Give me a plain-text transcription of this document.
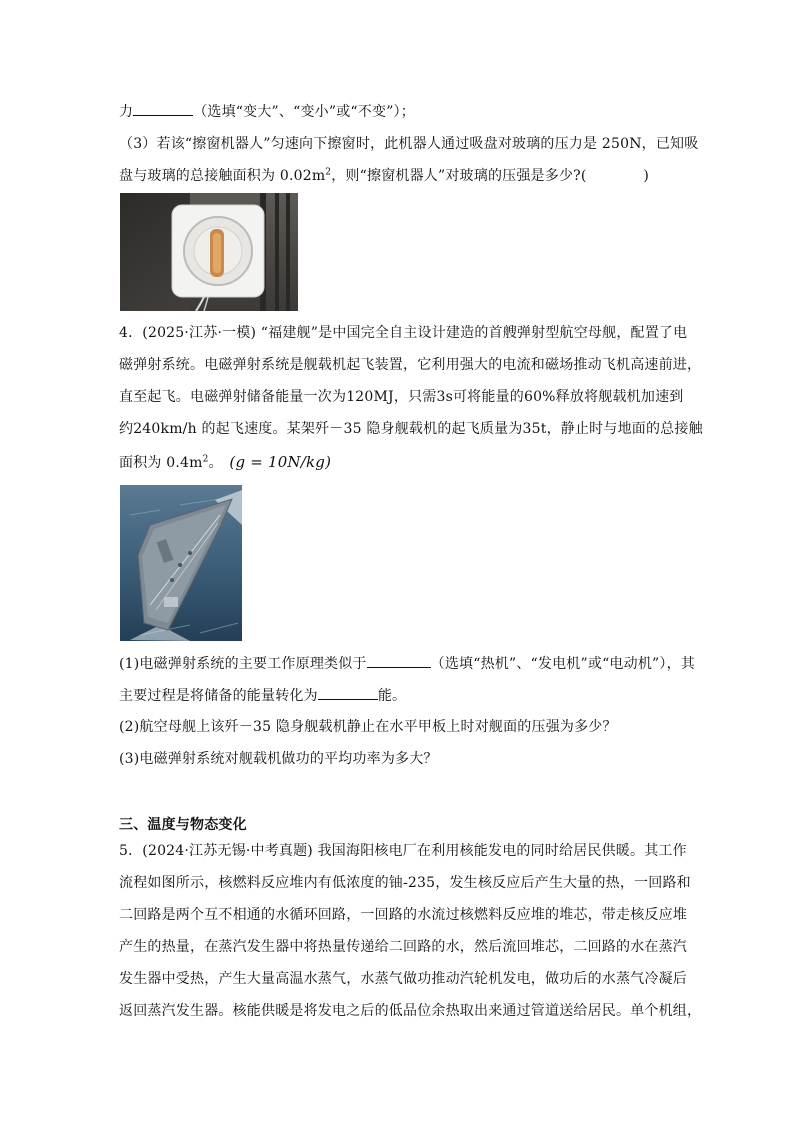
力	（选填“变大”、“变小”或“不变”）；
（3）若该“擦窗机器人”匀速向下擦窗时，此机器人通过吸盘对玻璃的压力是 250N，已知吸
盘与玻璃的总接触面积为 $0.02m^2$，则“擦窗机器人”对玻璃的压强是多少?(　　　　)
4．(2025·江苏·一模) “福建舰”是中国完全自主设计建造的首艘弹射型航空母舰，配置了电
磁弹射系统。电磁弹射系统是舰载机起飞装置，它利用强大的电流和磁场推动飞机高速前进，
直至起飞。电磁弹射储备能量一次为120MJ，只需3s可将能量的60%释放将舰载机加速到
约240km/h 的起飞速度。某架歼－35 隐身舰载机的起飞质量为35t，静止时与地面的总接触
面积为 $0.4m^2$。 (g = 10N/kg)
(1)电磁弹射系统的主要工作原理类似于	（选填“热机”、“发电机”或“电动机”），其
主要过程是将储备的能量转化为	能。
(2)航空母舰上该歼－35 隐身舰载机静止在水平甲板上时对舰面的压强为多少？
(3)电磁弹射系统对舰载机做功的平均功率为多大？
三、温度与物态变化
5．(2024·江苏无锡·中考真题) 我国海阳核电厂在利用核能发电的同时给居民供暖。其工作
流程如图所示，核燃料反应堆内有低浓度的铀-235，发生核反应后产生大量的热，一回路和
二回路是两个互不相通的水循环回路，一回路的水流过核燃料反应堆的堆芯，带走核反应堆
产生的热量，在蒸汽发生器中将热量传递给二回路的水，然后流回堆芯，二回路的水在蒸汽
发生器中受热，产生大量高温水蒸气，水蒸气做功推动汽轮机发电，做功后的水蒸气冷凝后
返回蒸汽发生器。核能供暖是将发电之后的低品位余热取出来通过管道送给居民。单个机组，
